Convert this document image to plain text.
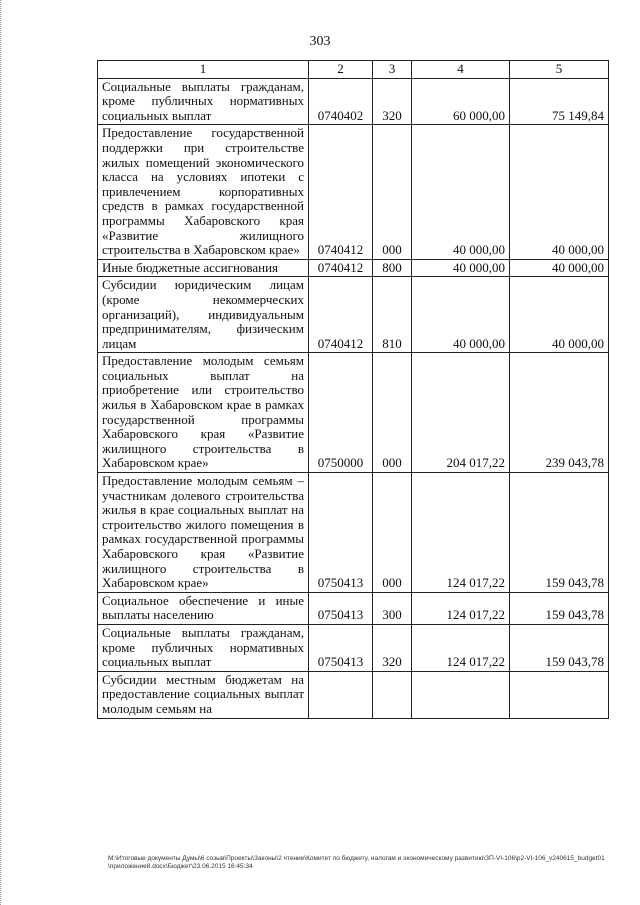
303
1	2	3	4	5
Социальные выплаты гражданам, кроме публичных нормативных социальных выплат	0740402	320	60 000,00	75 149,84
Предоставление государственной поддержки при строительстве жилых помещений экономического класса на условиях ипотеки с привлечением корпоративных средств в рамках государственной программы Хабаровского края «Развитие жилищного строительства в Хабаровском крае»	0740412	000	40 000,00	40 000,00
Иные бюджетные ассигнования	0740412	800	40 000,00	40 000,00
Субсидии юридическим лицам (кроме некоммерческих организаций), индивидуальным предпринимателям, физическим лицам	0740412	810	40 000,00	40 000,00
Предоставление молодым семьям социальных выплат на приобретение или строительство жилья в Хабаровском крае в рамках государственной программы Хабаровского края «Развитие жилищного строительства в Хабаровском крае»	0750000	000	204 017,22	239 043,78
Предоставление молодым семьям – участникам долевого строительства жилья в крае социальных выплат на строительство жилого помещения в рамках государственной программы Хабаровского края «Развитие жилищного строительства в Хабаровском крае»	0750413	000	124 017,22	159 043,78
Социальное обеспечение и иные выплаты населению	0750413	300	124 017,22	159 043,78
Социальные выплаты гражданам, кроме публичных нормативных социальных выплат	0750413	320	124 017,22	159 043,78
Субсидии местным бюджетам на предоставление социальных выплат молодым семьям на				
M:\Итоговые документы Думы\6 созыв\Проекты\Законы\2 чтение\Комитет по бюджету, налогам и экономическому развитию\ЗП-VI-106\р2-VI-106_v240615_budget01\приложение8.docx\Бюджет\23.06.2015 16:45:34
